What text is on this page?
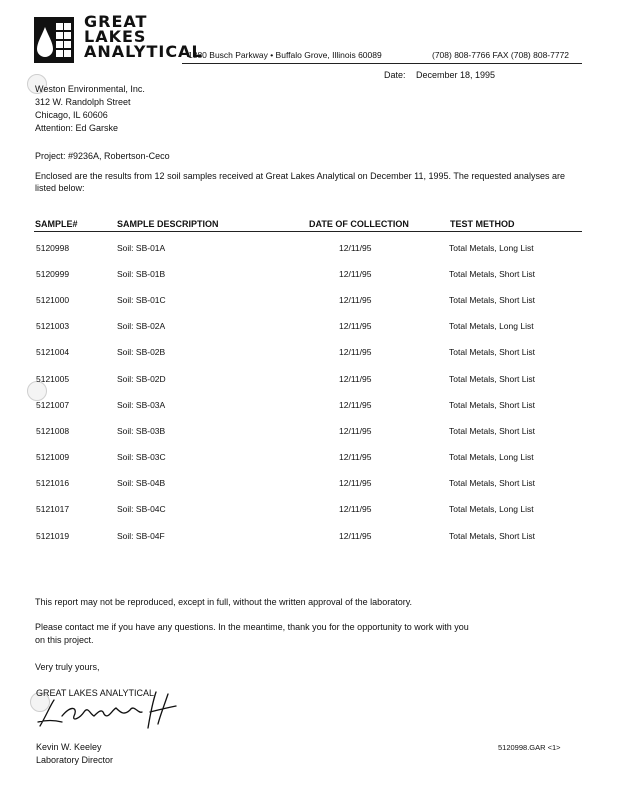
GREAT
LAKES
ANALYTICAL
1380 Busch Parkway • Buffalo Grove, Illinois 60089	(708) 808-7766 FAX (708) 808-7772
Date: December 18, 1995
Weston Environmental, Inc.
312 W. Randolph Street
Chicago, IL 60606
Attention: Ed Garske
Project: #9236A, Robertson-Ceco
Enclosed are the results from 12 soil samples received at Great Lakes Analytical on December 11, 1995. The requested analyses are listed below:
SAMPLE#	SAMPLE DESCRIPTION	DATE OF COLLECTION	TEST METHOD
5120998	Soil: SB-01A	12/11/95	Total Metals, Long List
5120999	Soil: SB-01B	12/11/95	Total Metals, Short List
5121000	Soil: SB-01C	12/11/95	Total Metals, Short List
5121003	Soil: SB-02A	12/11/95	Total Metals, Long List
5121004	Soil: SB-02B	12/11/95	Total Metals, Short List
5121005	Soil: SB-02D	12/11/95	Total Metals, Short List
5121007	Soil: SB-03A	12/11/95	Total Metals, Short List
5121008	Soil: SB-03B	12/11/95	Total Metals, Short List
5121009	Soil: SB-03C	12/11/95	Total Metals, Long List
5121016	Soil: SB-04B	12/11/95	Total Metals, Short List
5121017	Soil: SB-04C	12/11/95	Total Metals, Long List
5121019	Soil: SB-04F	12/11/95	Total Metals, Short List
This report may not be reproduced, except in full, without the written approval of the laboratory.
Please contact me if you have any questions. In the meantime, thank you for the opportunity to work with you
on this project.
Very truly yours,
GREAT LAKES ANALYTICAL
Kevin W. Keeley
Laboratory Director
5120998.GAR <1>
